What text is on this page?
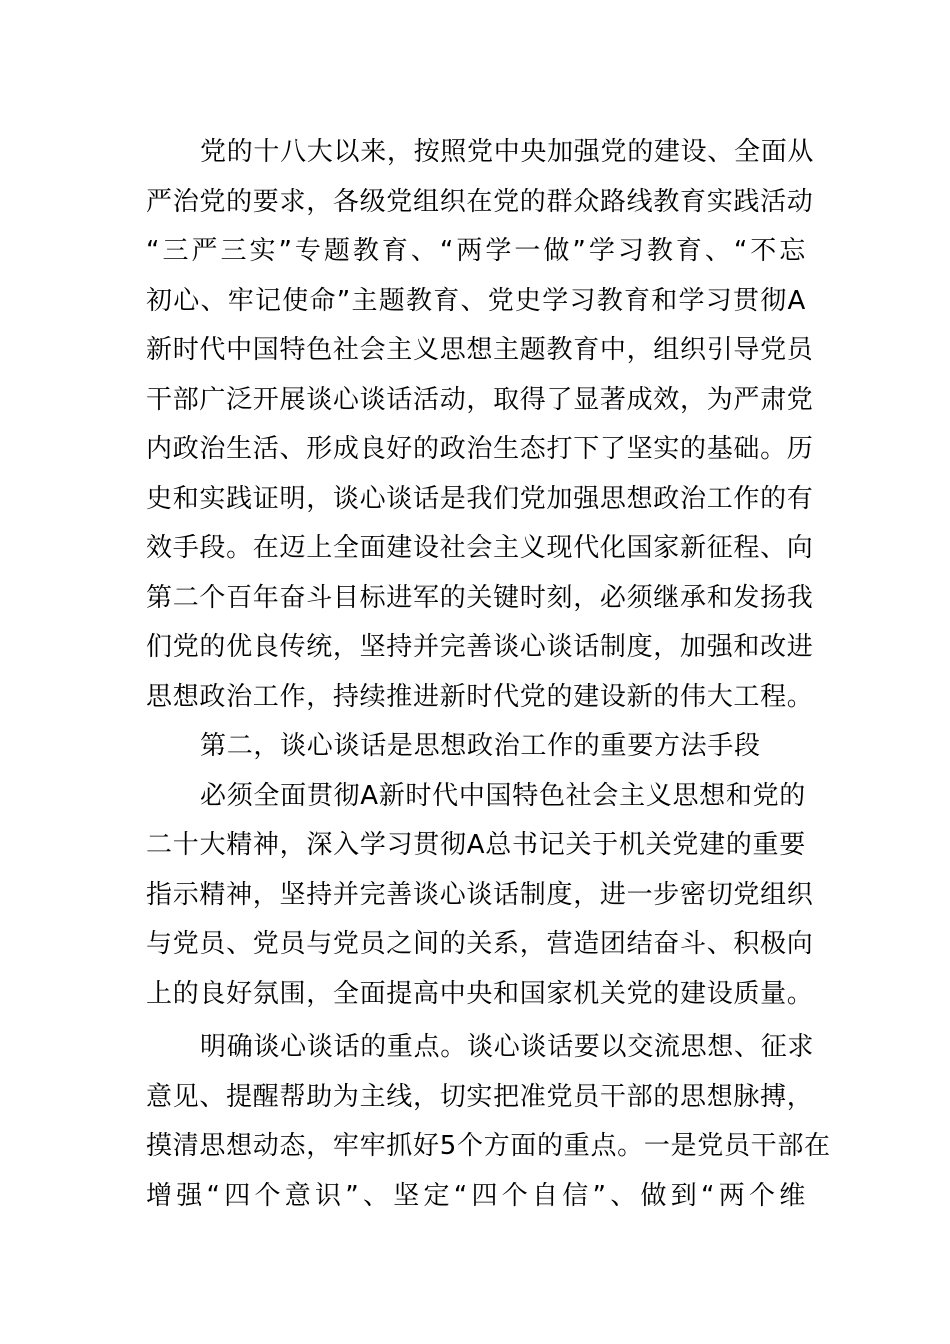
党的十八大以来，按照党中央加强党的建设、全面从
严治党的要求，各级党组织在党的群众路线教育实践活动
“三严三实”专题教育、“两学一做”学习教育、“不忘
初心、牢记使命”主题教育、党史学习教育和学习贯彻A
新时代中国特色社会主义思想主题教育中，组织引导党员
干部广泛开展谈心谈话活动，取得了显著成效，为严肃党
内政治生活、形成良好的政治生态打下了坚实的基础。历
史和实践证明，谈心谈话是我们党加强思想政治工作的有
效手段。在迈上全面建设社会主义现代化国家新征程、向
第二个百年奋斗目标进军的关键时刻，必须继承和发扬我
们党的优良传统，坚持并完善谈心谈话制度，加强和改进
思想政治工作，持续推进新时代党的建设新的伟大工程。
第二，谈心谈话是思想政治工作的重要方法手段
必须全面贯彻A新时代中国特色社会主义思想和党的
二十大精神，深入学习贯彻A总书记关于机关党建的重要
指示精神，坚持并完善谈心谈话制度，进一步密切党组织
与党员、党员与党员之间的关系，营造团结奋斗、积极向
上的良好氛围，全面提高中央和国家机关党的建设质量。
明确谈心谈话的重点。谈心谈话要以交流思想、征求
意见、提醒帮助为主线，切实把准党员干部的思想脉搏，
摸清思想动态，牢牢抓好5个方面的重点。一是党员干部在
增强“四个意识”、坚定“四个自信”、做到“两个维
